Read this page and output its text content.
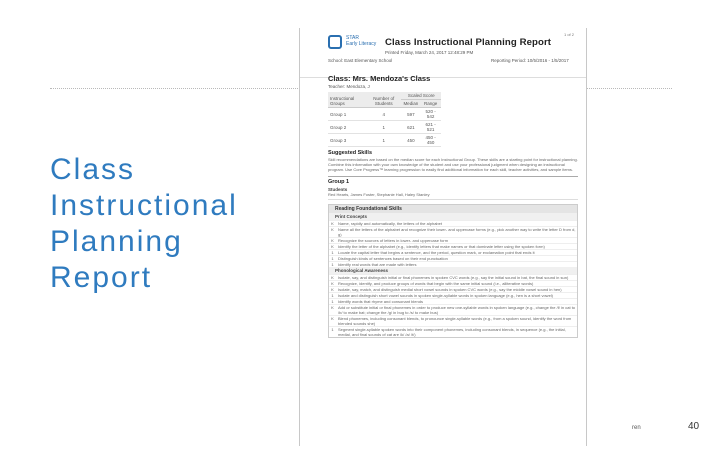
Class
Instructional
Planning
Report
STAR
Early Literacy
1 of 2
Class Instructional Planning Report
Printed Friday, March 24, 2017 12:48:29 PM
School: East Elementary School	Reporting Period: 10/5/2016 - 1/5/2017
Class: Mrs. Mendoza's Class
Teacher: Mendoza, J
Instructional Groups	Number of Students	Scaled Score	
		Median	Range
Group 1	4	597	520 - 542
Group 2	1	621	621 - 521
Group 3	1	450	450 - 450
Suggested Skills
Skill recommendations are based on the median score for each Instructional Group. These skills are a starting point for instructional planning. Combine this information with your own knowledge of the student and use your professional judgment when designing an instructional program. Use Core Progress™ learning progression to easily find additional information for each skill, teacher activities, and sample items.
Group 1
Students
Red Hearts, James Foster, Stephanie Hall, Haley Stanley
Reading Foundational Skills
Print Concepts
K	Name, rapidly and automatically, the letters of the alphabet
K	Name all the letters of the alphabet and recognize their lower- and uppercase forms (e.g., pick another way to write the letter D from d, g)
K	Recognize the sources of letters in lower- and uppercase form
K	Identify the letter of the alphabet (e.g., identify letters that make names or that dominate letter using the spoken form)
1	Locate the capital letter that begins a sentence, and the period, question mark, or exclamation point that ends it
1	Distinguish kinds of sentences based on their end punctuation
1	Identify real words that are made with letters
Phonological Awareness
K	Isolate, say, and distinguish initial or final phonemes in spoken CVC words (e.g., say the initial sound in bat, the final sound in sun)
K	Recognize, identify, and produce groups of words that begin with the same initial sound (i.e., alliterative words)
K	Isolate, say, match, and distinguish medial short vowel sounds in spoken CVC words (e.g., say the middle vowel sound in hen)
1	Isolate and distinguish short vowel sounds in spoken single-syllable words in spoken language (e.g., hen is a short vowel)
1	Identify words that rhyme and consonant blends
K	Add or substitute initial or final phonemes in order to produce new one-syllable words in spoken language (e.g., change the /f/ in cat to /b/ to make bat; change the /g/ in bug to /s/ to make bus)
K	Blend phonemes, including consonant blends, to pronounce single-syllable words (e.g., from a spoken sound, identify the word from blended sounds she)
1	Segment single-syllable spoken words into their component phonemes, including consonant blends, in sequence (e.g., the initial, medial, and final sounds of cat are /k/ /a/ /t/)
ren	40
